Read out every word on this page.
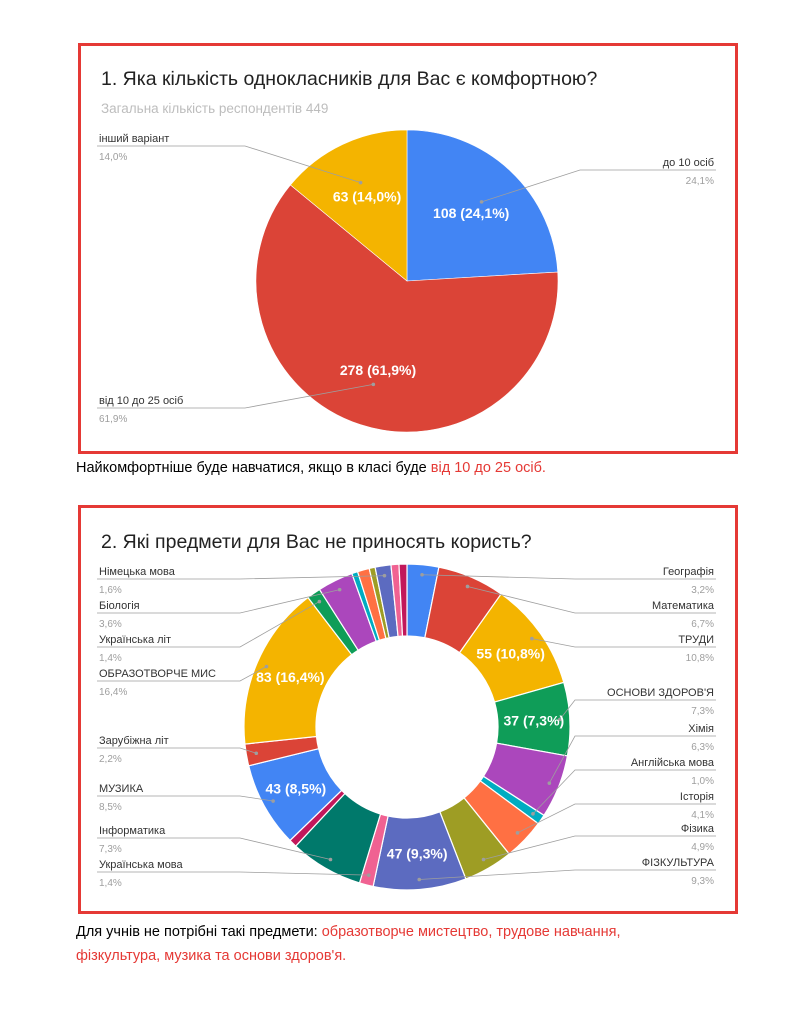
1. Яка кількість однокласників для Вас є комфортною?
Загальна кількість респондентів 449
108 (24,1%)
278 (61,9%)
63 (14,0%)
до 10 осіб
24,1%
від 10 до 25 осіб
61,9%
інший варіант
14,0%
Найкомфортніше буде навчатися, якщо в класі буде від 10 до 25 осіб.
2. Які предмети для Вас не приносять користь?
55 (10,8%)
37 (7,3%)
47 (9,3%)
43 (8,5%)
83 (16,4%)
Географія
3,2%
Математика
6,7%
ТРУДИ
10,8%
ОСНОВИ ЗДОРОВ'Я
7,3%
Хімія
6,3%
Англійська мова
1,0%
Історія
4,1%
Фізика
4,9%
ФІЗКУЛЬТУРА
9,3%
Українська мова
1,4%
Інформатика
7,3%
МУЗИКА
8,5%
Зарубіжна літ
2,2%
ОБРАЗОТВОРЧЕ МИС
16,4%
Українська літ
1,4%
Біологія
3,6%
Німецька мова
1,6%
Для учнів не потрібні такі предмети: образотворче мистецтво, трудове навчання,
фізкультура, музика та основи здоров'я.
